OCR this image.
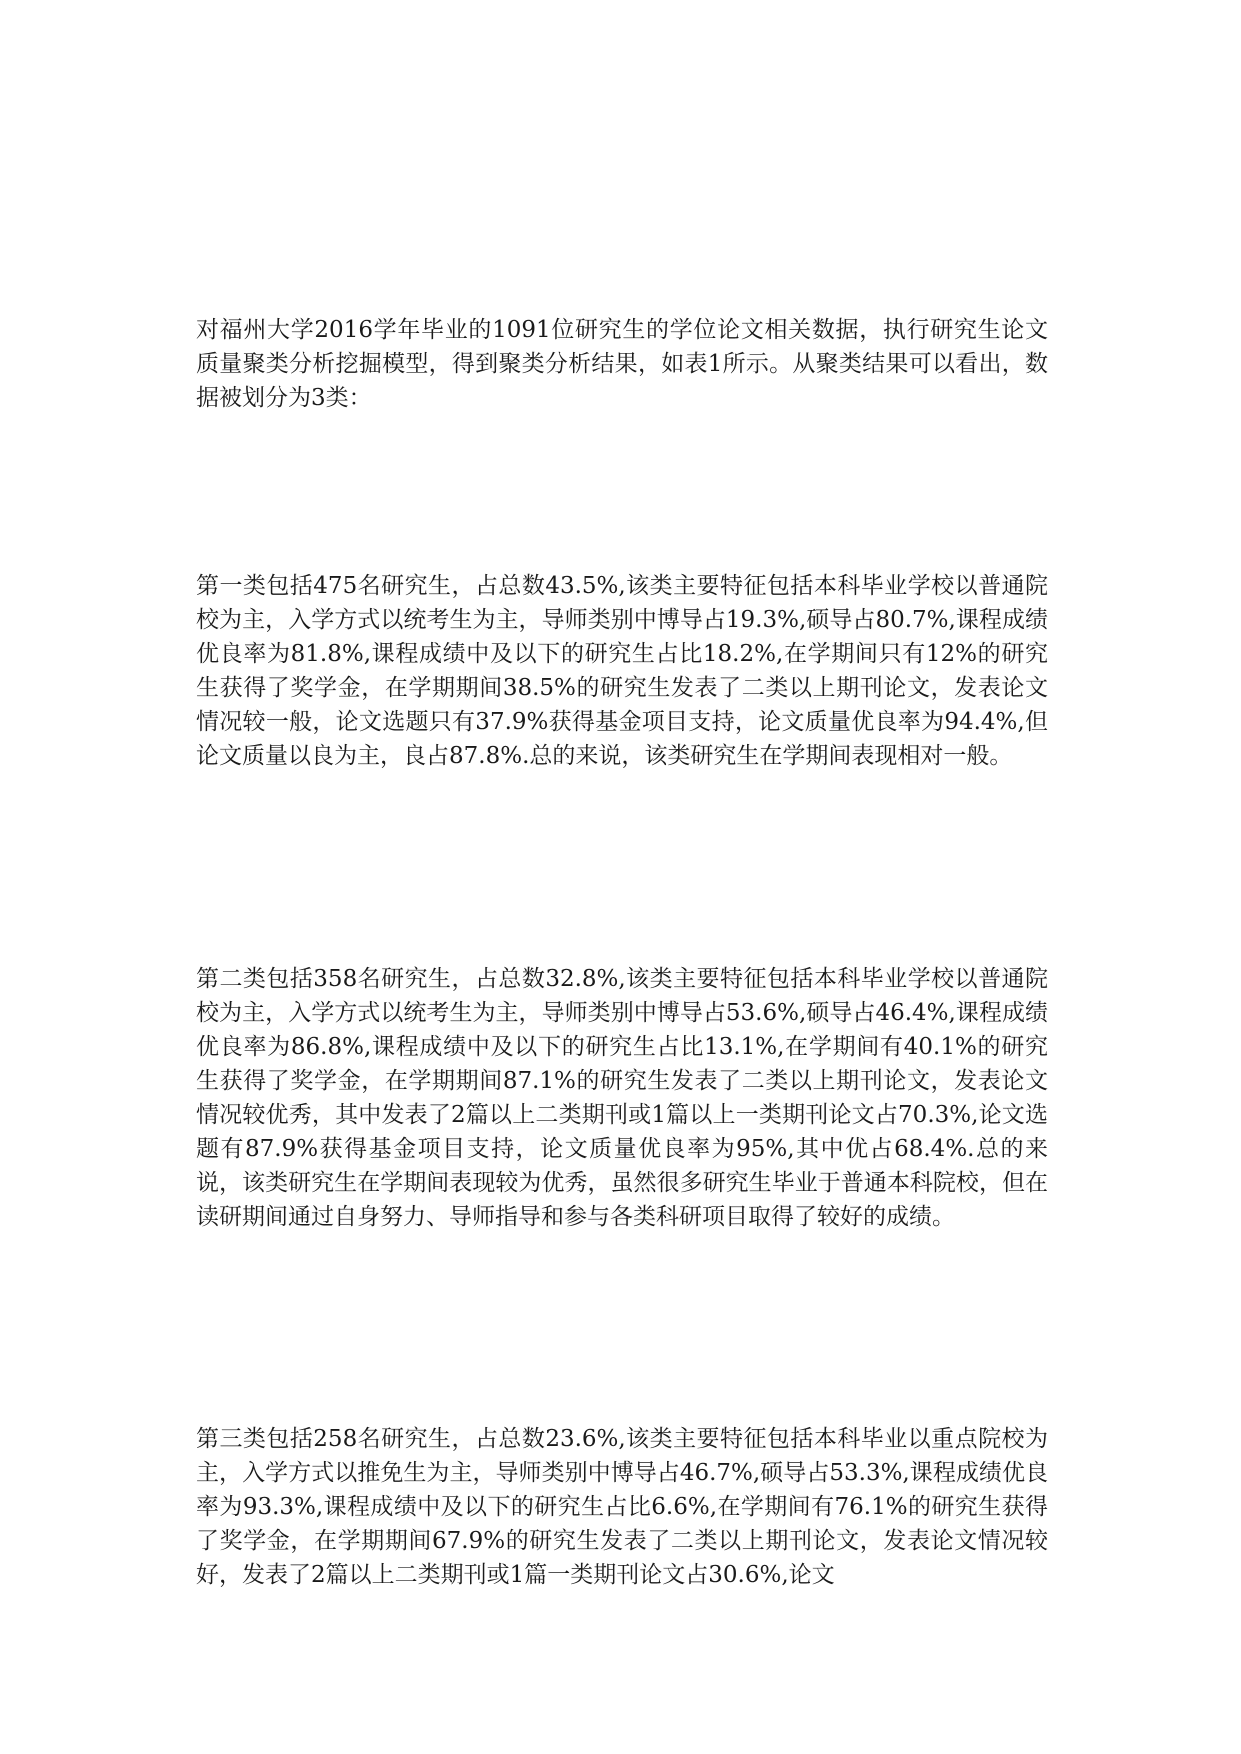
对福州大学2016学年毕业的1091位研究生的学位论文相关数据，执行研究生论文质量聚类分析挖掘模型，得到聚类分析结果，如表1所示。从聚类结果可以看出，数据被划分为3类：

第一类包括475名研究生，占总数43.5%,该类主要特征包括本科毕业学校以普通院校为主，入学方式以统考生为主，导师类别中博导占19.3%,硕导占80.7%,课程成绩优良率为81.8%,课程成绩中及以下的研究生占比18.2%,在学期间只有12%的研究生获得了奖学金，在学期期间38.5%的研究生发表了二类以上期刊论文，发表论文情况较一般，论文选题只有37.9%获得基金项目支持，论文质量优良率为94.4%,但论文质量以良为主，良占87.8%.总的来说，该类研究生在学期间表现相对一般。

第二类包括358名研究生，占总数32.8%,该类主要特征包括本科毕业学校以普通院校为主，入学方式以统考生为主，导师类别中博导占53.6%,硕导占46.4%,课程成绩优良率为86.8%,课程成绩中及以下的研究生占比13.1%,在学期间有40.1%的研究生获得了奖学金，在学期期间87.1%的研究生发表了二类以上期刊论文，发表论文情况较优秀，其中发表了2篇以上二类期刊或1篇以上一类期刊论文占70.3%,论文选题有87.9%获得基金项目支持，论文质量优良率为95%,其中优占68.4%.总的来说，该类研究生在学期间表现较为优秀，虽然很多研究生毕业于普通本科院校，但在读研期间通过自身努力、导师指导和参与各类科研项目取得了较好的成绩。

第三类包括258名研究生，占总数23.6%,该类主要特征包括本科毕业以重点院校为主，入学方式以推免生为主，导师类别中博导占46.7%,硕导占53.3%,课程成绩优良率为93.3%,课程成绩中及以下的研究生占比6.6%,在学期间有76.1%的研究生获得了奖学金，在学期期间67.9%的研究生发表了二类以上期刊论文，发表论文情况较好，发表了2篇以上二类期刊或1篇一类期刊论文占30.6%,论文
